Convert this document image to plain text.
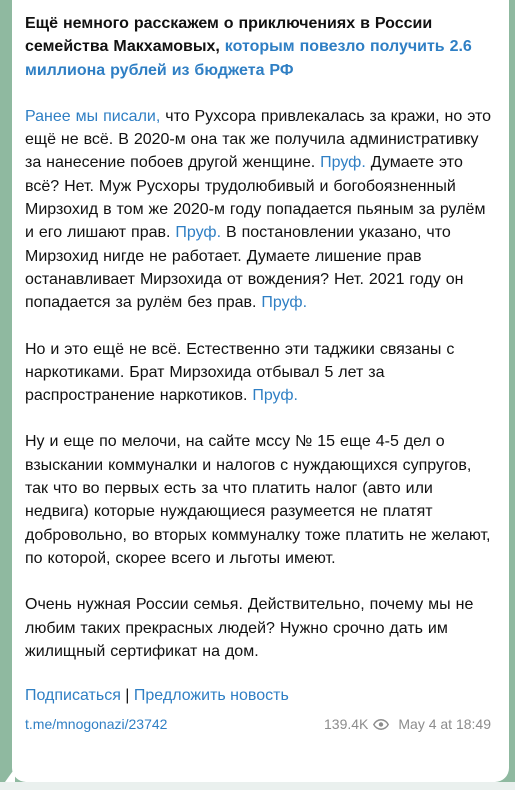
Ещё немного расскажем о приключениях в России семейства Макхамовых, которым повезло получить 2.6 миллиона рублей из бюджета РФ
Ранее мы писали, что Рухсора привлекалась за кражи, но это ещё не всё. В 2020-м она так же получила административку за нанесение побоев другой женщине. Пруф. Думаете это всё? Нет. Муж Русхоры трудолюбивый и богобоязненный Мирзохид в том же 2020-м году попадается пьяным за рулём и его лишают прав. Пруф. В постановлении указано, что Мирзохид нигде не работает. Думаете лишение прав останавливает Мирзохида от вождения? Нет. 2021 году он попадается за рулём без прав. Пруф.
Но и это ещё не всё. Естественно эти таджики связаны с наркотиками. Брат Мирзохида отбывал 5 лет за распространение наркотиков. Пруф.
Ну и еще по мелочи, на сайте мссу № 15 еще 4-5 дел о взыскании коммуналки и налогов с нуждающихся супругов, так что во первых есть за что платить налог (авто или недвига) которые нуждающиеся разумеется не платят добровольно, во вторых коммуналку тоже платить не желают, по которой, скорее всего и льготы имеют.
Очень нужная России семья. Действительно, почему мы не любим таких прекрасных людей? Нужно срочно дать им жилищный сертификат на дом.
Подписаться | Предложить новость
t.me/mnogonazi/23742	139.4K May 4 at 18:49
